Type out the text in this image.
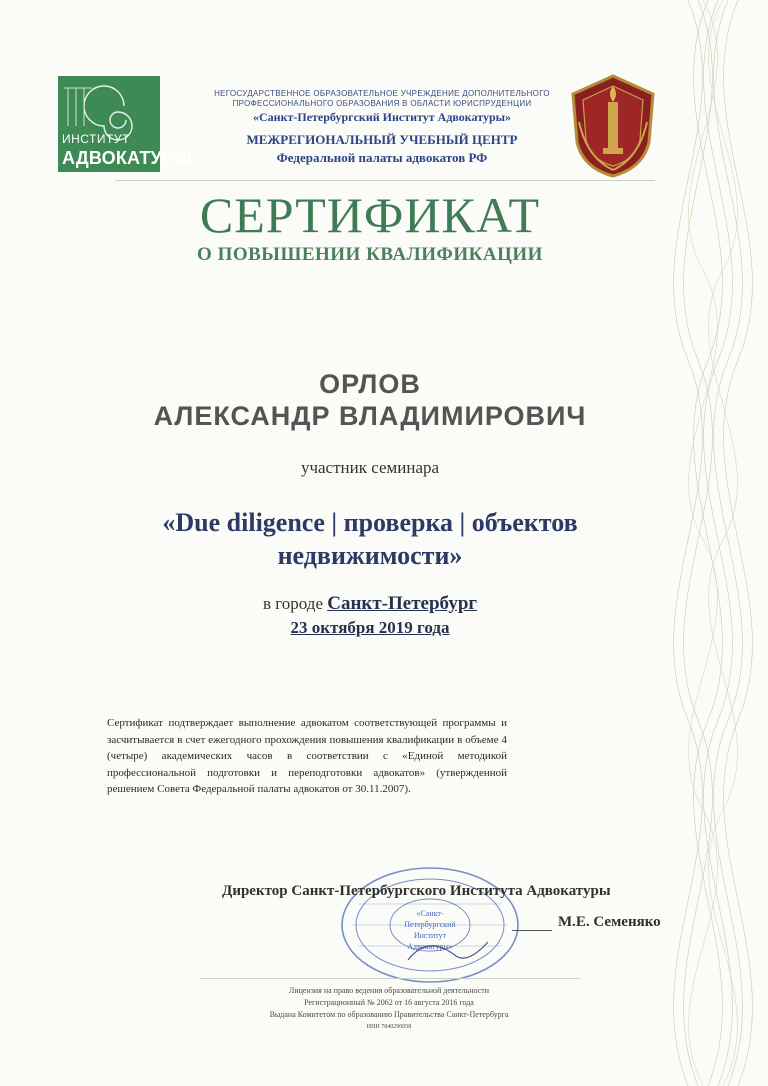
ИНСТИТУТ
АДВОКАТУРЫ
НЕГОСУДАРСТВЕННОЕ ОБРАЗОВАТЕЛЬНОЕ УЧРЕЖДЕНИЕ ДОПОЛНИТЕЛЬНОГО
ПРОФЕССИОНАЛЬНОГО ОБРАЗОВАНИЯ В ОБЛАСТИ ЮРИСПРУДЕНЦИИ
«Санкт-Петербургский Институт Адвокатуры»
МЕЖРЕГИОНАЛЬНЫЙ УЧЕБНЫЙ ЦЕНТР
Федеральной палаты адвокатов РФ
СЕРТИФИКАТ
О ПОВЫШЕНИИ КВАЛИФИКАЦИИ
ОРЛОВ
АЛЕКСАНДР ВЛАДИМИРОВИЧ
участник семинара
«Due diligence | проверка | объектов
недвижимости»
в городе Санкт-Петербург
23 октября 2019 года
Сертификат подтверждает выполнение адвокатом соответствующей программы и засчитывается в счет ежегодного прохождения повышения квалификации в объеме 4 (четыре) академических часов в соответствии с «Единой методикой профессиональной подготовки и переподготовки адвокатов» (утвержденной решением Совета Федеральной палаты адвокатов от 30.11.2007).
«Санкт-
Петербургский
Институт
Адвокатуры»
Директор Санкт-Петербургского Института Адвокатуры
М.Е. Семеняко
Лицензия на право ведения образовательной деятельности
Регистрационный № 2062 от 16 августа 2016 года
Выдана Комитетом по образованию Правительства Санкт-Петербурга
ИНН 7840290058
